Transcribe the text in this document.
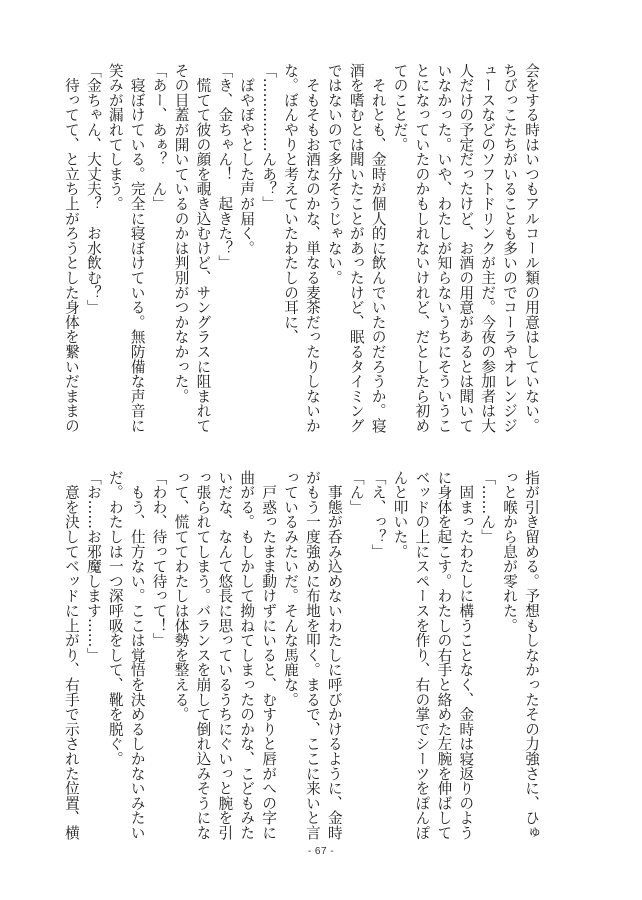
会をする時はいつもアルコール類の用意はしていない。
ちびっこたちがいることも多いのでコーラやオレンジジ
ュースなどのソフトドリンクが主だ。今夜の参加者は大
人だけの予定だったけど、お酒の用意があるとは聞いて
いなかった。いや、わたしが知らないうちにそういうこ
とになっていたのかもしれないけれど、だとしたら初め
てのことだ。
　それとも、金時が個人的に飲んでいたのだろうか。寝
酒を嗜むとは聞いたことがあったけど、眠るタイミング
ではないので多分そうじゃない。
　そもそもお酒なのかな、単なる麦茶だったりしないか
な。ぼんやりと考えていたわたしの耳に、
「……………んあ？」
　ぽやぽやとした声が届く。
「き、金ちゃん！　起きた？」
　慌てて彼の顔を覗き込むけど、サングラスに阻まれて
その目蓋が開いているのかは判別がつかなかった。
「あー、あぁ？　ん」
　寝ぼけている。完全に寝ぼけている。無防備な声音に
笑みが漏れてしまう。
「金ちゃん、大丈夫？　お水飲む？」
　待ってて、と立ち上がろうとした身体を繋いだままの
指が引き留める。予想もしなかったその力強さに、ひゅ
っと喉から息が零れた。
「……ん」
　固まったわたしに構うことなく、金時は寝返りのよう
に身体を起こす。わたしの右手と絡めた左腕を伸ばして
ベッドの上にスペースを作り、右の掌でシーツをぽんぽ
んと叩いた。
「え、っ？」
「ん」
　事態が呑み込めないわたしに呼びかけるように、金時
がもう一度強めに布地を叩く。まるで、ここに来いと言
っているみたいだ。そんな馬鹿な。
　戸惑ったまま動けずにいると、むすりと唇がへの字に
曲がる。もしかして拗ねてしまったのかな、こどもみた
いだな、なんて悠長に思っているうちにぐいっと腕を引
っ張られてしまう。バランスを崩して倒れ込みそうにな
って、慌ててわたしは体勢を整える。
「わわ、待って待って！」
　もう、仕方ない。ここは覚悟を決めるしかないみたい
だ。わたしは一つ深呼吸をして、靴を脱ぐ。
「お……お邪魔します……」
　意を決してベッドに上がり、右手で示された位置、横
- 67 -
